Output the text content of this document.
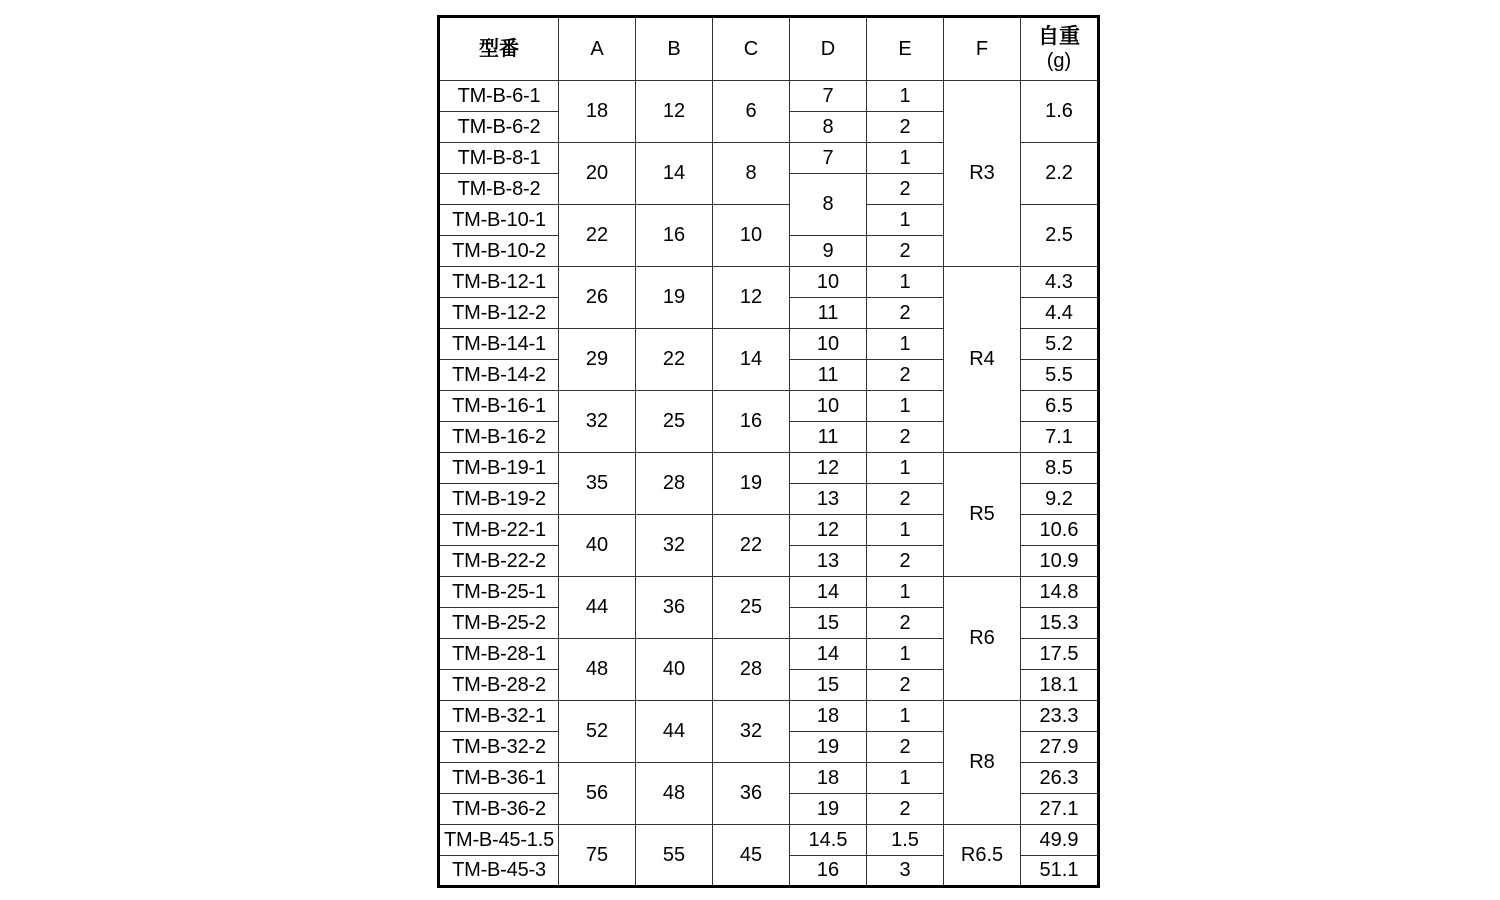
型番	A	B	C	D	E	F	自重
(g)

TM-B-6-1	18	12	6	7	1	R3	1.6
TM-B-6-2				8	2		
TM-B-8-1	20	14	8	7	1		2.2
TM-B-8-2				8	2		
TM-B-10-1	22	16	10		1		2.5
TM-B-10-2				9	2		
TM-B-12-1	26	19	12	10	1	R4	4.3
TM-B-12-2				11	2		4.4
TM-B-14-1	29	22	14	10	1		5.2
TM-B-14-2				11	2		5.5
TM-B-16-1	32	25	16	10	1		6.5
TM-B-16-2				11	2		7.1
TM-B-19-1	35	28	19	12	1	R5	8.5
TM-B-19-2				13	2		9.2
TM-B-22-1	40	32	22	12	1		10.6
TM-B-22-2				13	2		10.9
TM-B-25-1	44	36	25	14	1	R6	14.8
TM-B-25-2				15	2		15.3
TM-B-28-1	48	40	28	14	1		17.5
TM-B-28-2				15	2		18.1
TM-B-32-1	52	44	32	18	1	R8	23.3
TM-B-32-2				19	2		27.9
TM-B-36-1	56	48	36	18	1		26.3
TM-B-36-2				19	2		27.1
TM-B-45-1.5	75	55	45	14.5	1.5	R6.5	49.9
TM-B-45-3				16	3		51.1
